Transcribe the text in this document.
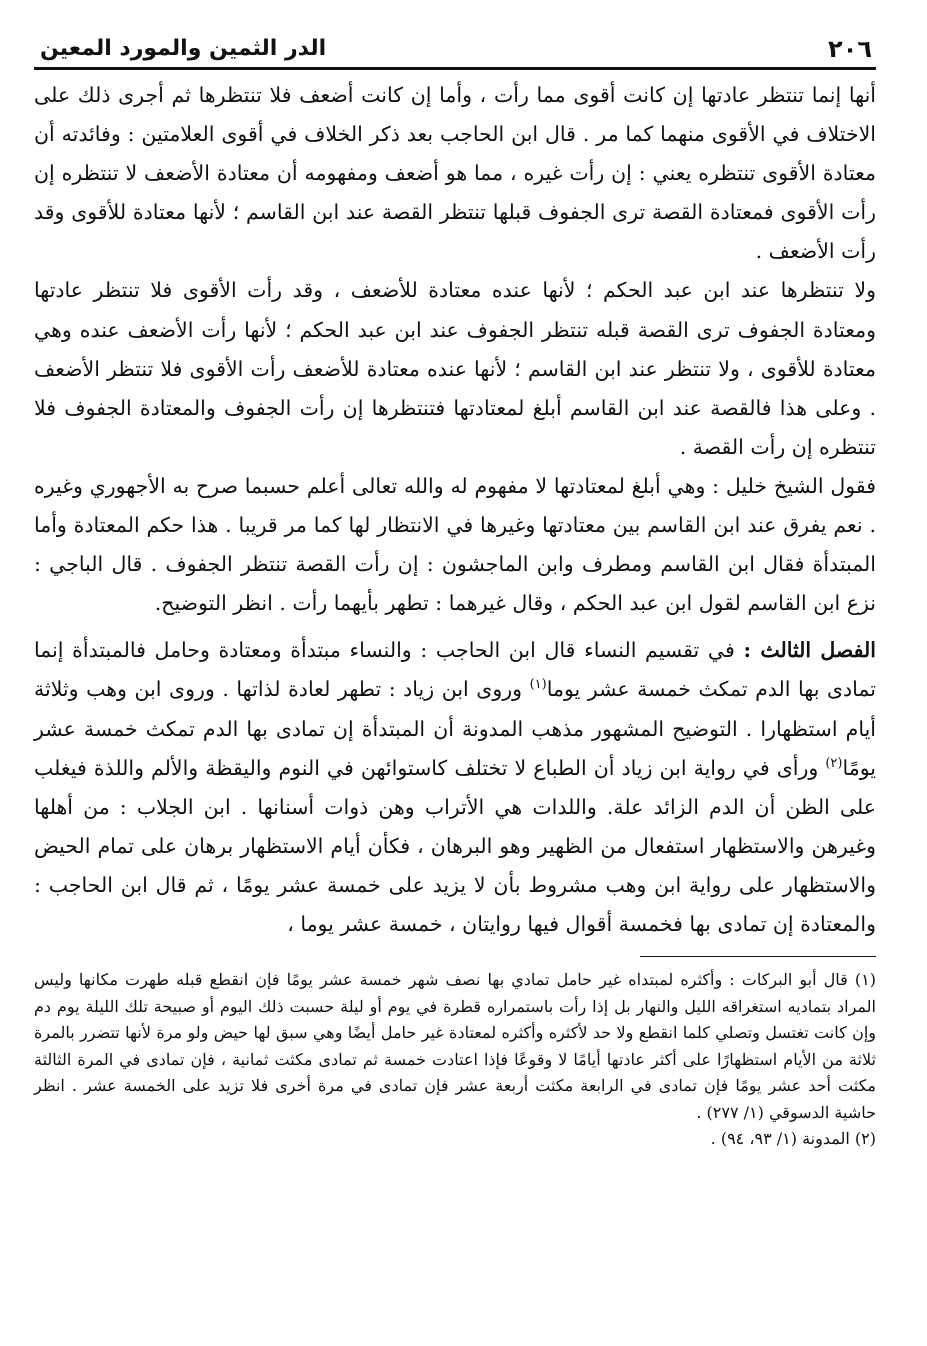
٢٠٦
الدر الثمين والمورد المعين

أنها إنما تنتظر عادتها إن كانت أقوى مما رأت ، وأما إن كانت أضعف فلا تنتظرها ثم أجرى ذلك على الاختلاف في الأقوى منهما كما مر . قال ابن الحاجب بعد ذكر الخلاف في أقوى العلامتين : وفائدته أن معتادة الأقوى تنتظره يعني : إن رأت غيره ، مما هو أضعف ومفهومه أن معتادة الأضعف لا تنتظره إن رأت الأقوى فمعتادة القصة ترى الجفوف قبلها تنتظر القصة عند ابن القاسم ؛ لأنها معتادة للأقوى وقد رأت الأضعف .

ولا تنتظرها عند ابن عبد الحكم ؛ لأنها عنده معتادة للأضعف ، وقد رأت الأقوى فلا تنتظر عادتها ومعتادة الجفوف ترى القصة قبله تنتظر الجفوف عند ابن عبد الحكم ؛ لأنها رأت الأضعف عنده وهي معتادة للأقوى ، ولا تنتظر عند ابن القاسم ؛ لأنها عنده معتادة للأضعف رأت الأقوى فلا تنتظر الأضعف . وعلى هذا فالقصة عند ابن القاسم أبلغ لمعتادتها فتنتظرها إن رأت الجفوف والمعتادة الجفوف فلا تنتظره إن رأت القصة .

فقول الشيخ خليل : وهي أبلغ لمعتادتها لا مفهوم له والله تعالى أعلم حسبما صرح به الأجهوري وغيره . نعم يفرق عند ابن القاسم بين معتادتها وغيرها في الانتظار لها كما مر قريبا . هذا حكم المعتادة وأما المبتدأة فقال ابن القاسم ومطرف وابن الماجشون : إن رأت القصة تنتظر الجفوف . قال الباجي : نزع ابن القاسم لقول ابن عبد الحكم ، وقال غيرهما : تطهر بأيهما رأت . انظر التوضيح.

الفصل الثالث : في تقسيم النساء قال ابن الحاجب : والنساء مبتدأة ومعتادة وحامل فالمبتدأة إنما تمادى بها الدم تمكث خمسة عشر يوما$^{(١)}$ وروى ابن زياد : تطهر لعادة لذاتها . وروى ابن وهب وثلاثة أيام استظهارا . التوضيح المشهور مذهب المدونة أن المبتدأة إن تمادى بها الدم تمكث خمسة عشر يومًا$^{(٢)}$ ورأى في رواية ابن زياد أن الطباع لا تختلف كاستوائهن في النوم واليقظة والألم واللذة فيغلب على الظن أن الدم الزائد علة. واللدات هي الأتراب وهن ذوات أسنانها . ابن الجلاب : من أهلها وغيرهن والاستظهار استفعال من الظهير وهو البرهان ، فكأن أيام الاستظهار برهان على تمام الحيض والاستظهار على رواية ابن وهب مشروط بأن لا يزيد على خمسة عشر يومًا ، ثم قال ابن الحاجب : والمعتادة إن تمادى بها فخمسة أقوال فيها روايتان ، خمسة عشر يوما ،

(١) قال أبو البركات : وأكثره لمبتداه غير حامل تمادي بها نصف شهر خمسة عشر يومًا فإن انقطع قبله طهرت مكانها وليس المراد بتماديه استغراقه الليل والنهار بل إذا رأت باستمراره قطرة في يوم أو ليلة حسبت ذلك اليوم أو صبيحة تلك الليلة يوم دم وإن كانت تغتسل وتصلي كلما انقطع ولا حد لأكثره وأكثره لمعتادة غير حامل أيضًا وهي سبق لها حيض ولو مرة لأنها تتضرر بالمرة ثلاثة من الأيام استظهارًا على أكثر عادتها أيامًا لا وقوعًا فإذا اعتادت خمسة ثم تمادى مكثت ثمانية ، فإن تمادى في المرة الثالثة مكثت أحد عشر يومًا فإن تمادى في الرابعة مكثت أربعة عشر فإن تمادى في مرة أخرى فلا تزيد على الخمسة عشر . انظر حاشية الدسوقي (١/ ٢٧٧) .

(٢) المدونة (١/ ٩٣، ٩٤) .
